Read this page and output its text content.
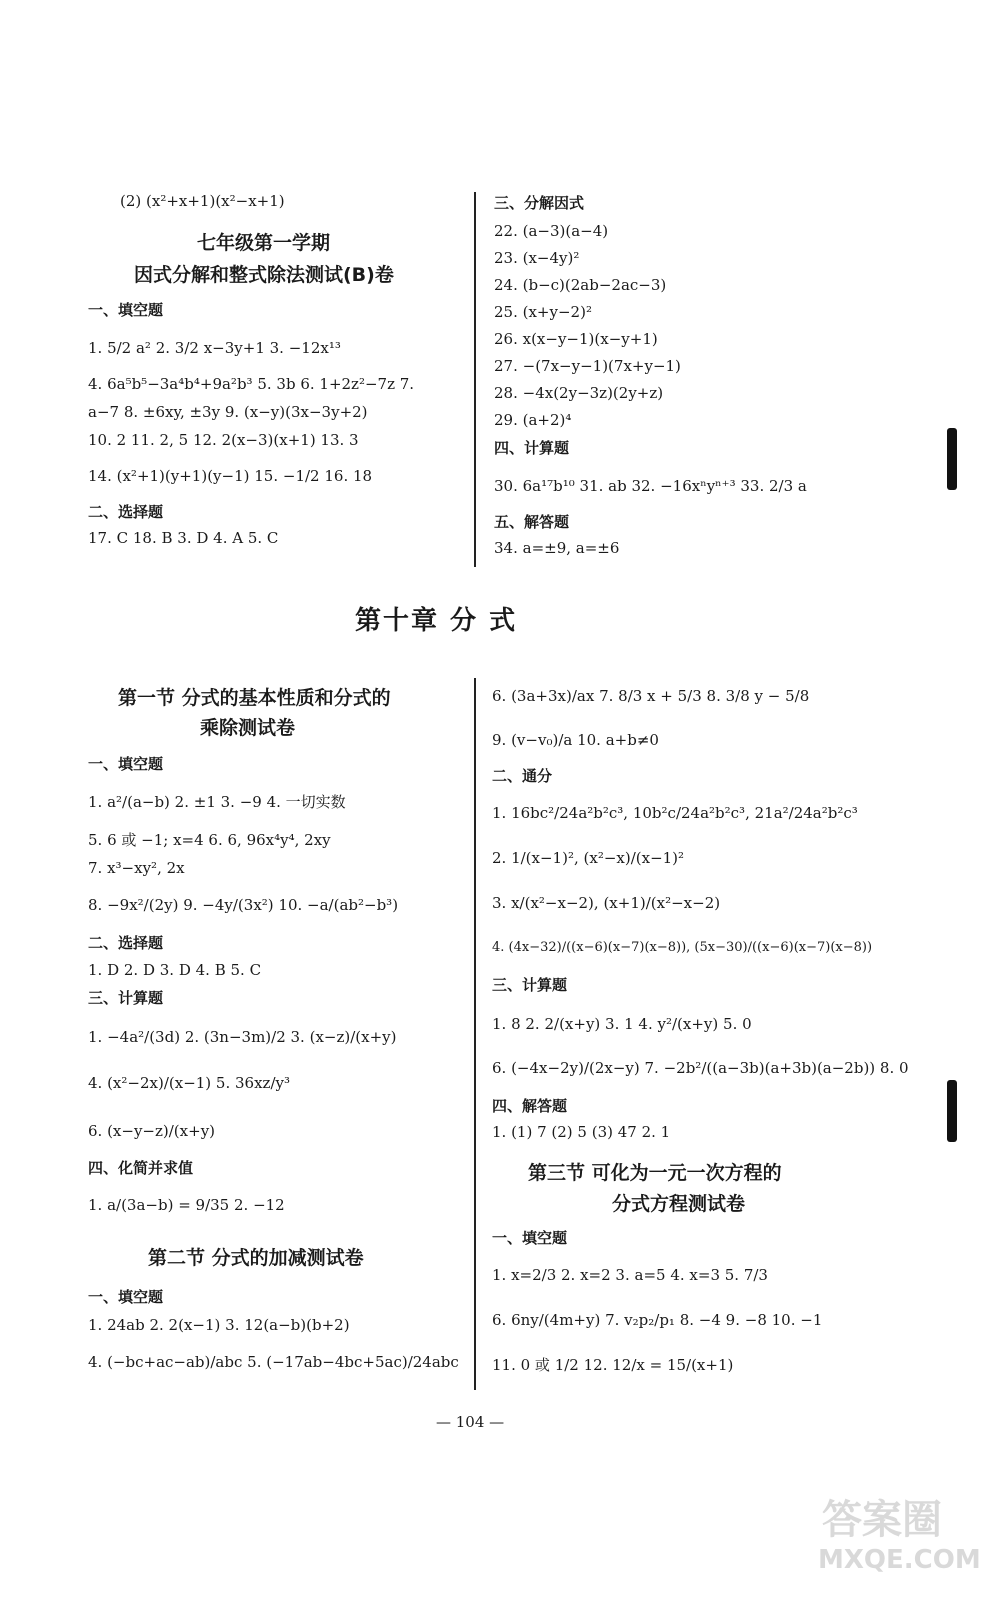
(2) (x²+x+1)(x²−x+1)
七年级第一学期
因式分解和整式除法测试(B)卷
一、填空题
1. 5/2 a² 2. 3/2 x−3y+1 3. −12x¹³
4. 6a⁵b⁵−3a⁴b⁴+9a²b³ 5. 3b 6. 1+2z²−7z 7.
a−7 8. ±6xy, ±3y 9. (x−y)(3x−3y+2)
10. 2 11. 2, 5 12. 2(x−3)(x+1) 13. 3
14. (x²+1)(y+1)(y−1) 15. −1/2 16. 18
二、选择题
17. C 18. B 3. D 4. A 5. C
三、分解因式
22. (a−3)(a−4)
23. (x−4y)²
24. (b−c)(2ab−2ac−3)
25. (x+y−2)²
26. x(x−y−1)(x−y+1)
27. −(7x−y−1)(7x+y−1)
28. −4x(2y−3z)(2y+z)
29. (a+2)⁴
四、计算题
30. 6a¹⁷b¹⁰ 31. ab 32. −16xⁿyⁿ⁺³ 33. 2/3 a
五、解答题
34. a=±9, a=±6
第十章 分 式
第一节 分式的基本性质和分式的
乘除测试卷
一、填空题
1. a²/(a−b) 2. ±1 3. −9 4. 一切实数
5. 6 或 −1; x=4 6. 6, 96x⁴y⁴, 2xy
7. x³−xy², 2x
8. −9x²/(2y) 9. −4y/(3x²) 10. −a/(ab²−b³)
二、选择题
1. D 2. D 3. D 4. B 5. C
三、计算题
1. −4a²/(3d) 2. (3n−3m)/2 3. (x−z)/(x+y)
4. (x²−2x)/(x−1) 5. 36xz/y³
6. (x−y−z)/(x+y)
四、化简并求值
1. a/(3a−b) = 9/35 2. −12
第二节 分式的加减测试卷
一、填空题
1. 24ab 2. 2(x−1) 3. 12(a−b)(b+2)
4. (−bc+ac−ab)/abc 5. (−17ab−4bc+5ac)/24abc
6. (3a+3x)/ax 7. 8/3 x + 5/3 8. 3/8 y − 5/8
9. (v−v₀)/a 10. a+b≠0
二、通分
1. 16bc²/24a²b²c³, 10b²c/24a²b²c³, 21a²/24a²b²c³
2. 1/(x−1)², (x²−x)/(x−1)²
3. x/(x²−x−2), (x+1)/(x²−x−2)
4. (4x−32)/((x−6)(x−7)(x−8)), (5x−30)/((x−6)(x−7)(x−8))
三、计算题
1. 8 2. 2/(x+y) 3. 1 4. y²/(x+y) 5. 0
6. (−4x−2y)/(2x−y) 7. −2b²/((a−3b)(a+3b)(a−2b)) 8. 0
四、解答题
1. (1) 7 (2) 5 (3) 47 2. 1
第三节 可化为一元一次方程的
分式方程测试卷
一、填空题
1. x=2/3 2. x=2 3. a=5 4. x=3 5. 7/3
6. 6ny/(4m+y) 7. v₂p₂/p₁ 8. −4 9. −8 10. −1
11. 0 或 1/2 12. 12/x = 15/(x+1)
— 104 —
答案圈
MXQE.COM
